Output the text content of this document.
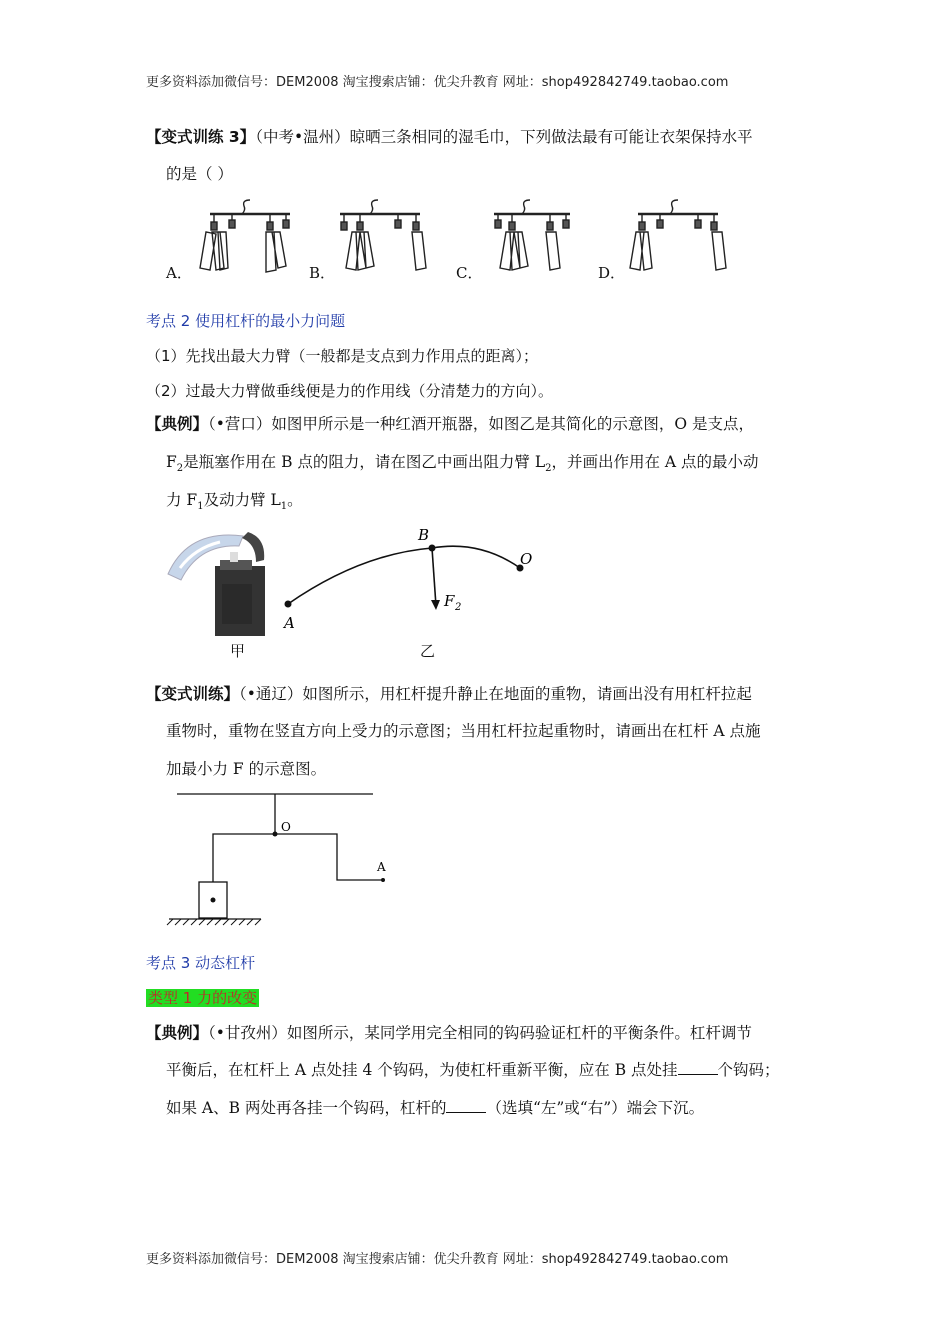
更多资料添加微信号：DEM2008 淘宝搜索店铺：优尖升教育 网址：shop492842749.taobao.com
【变式训练 3】（中考•温州）晾晒三条相同的湿毛巾，下列做法最有可能让衣架保持水平
的是（ ）
A．	B．	C．	D．
考点 2 使用杠杆的最小力问题
（1）先找出最大力臂（一般都是支点到力作用点的距离）；
（2）过最大力臂做垂线便是力的作用线（分清楚力的方向）。
【典例】（•营口）如图甲所示是一种红酒开瓶器，如图乙是其简化的示意图，O 是支点，
$F_2$是瓶塞作用在 B 点的阻力，请在图乙中画出阻力臂 $L_2$，并画出作用在 A 点的最小动
力 $F_1$及动力臂 $L_1$。
甲
B
O
A
F 2
乙
【变式训练】（•通辽）如图所示，用杠杆提升静止在地面的重物，请画出没有用杠杆拉起
重物时，重物在竖直方向上受力的示意图；当用杠杆拉起重物时，请画出在杠杆 A 点施
加最小力 F 的示意图。
O
A
考点 3 动态杠杆
类型 1 力的改变
【典例】（•甘孜州）如图所示，某同学用完全相同的钩码验证杠杆的平衡条件。杠杆调节
平衡后，在杠杆上 A 点处挂 4 个钩码，为使杠杆重新平衡，应在 B 点处挂	个钩码；
如果 A、B 两处再各挂一个钩码，杠杆的	（选填“左”或“右”）端会下沉。
更多资料添加微信号：DEM2008 淘宝搜索店铺：优尖升教育 网址：shop492842749.taobao.com
